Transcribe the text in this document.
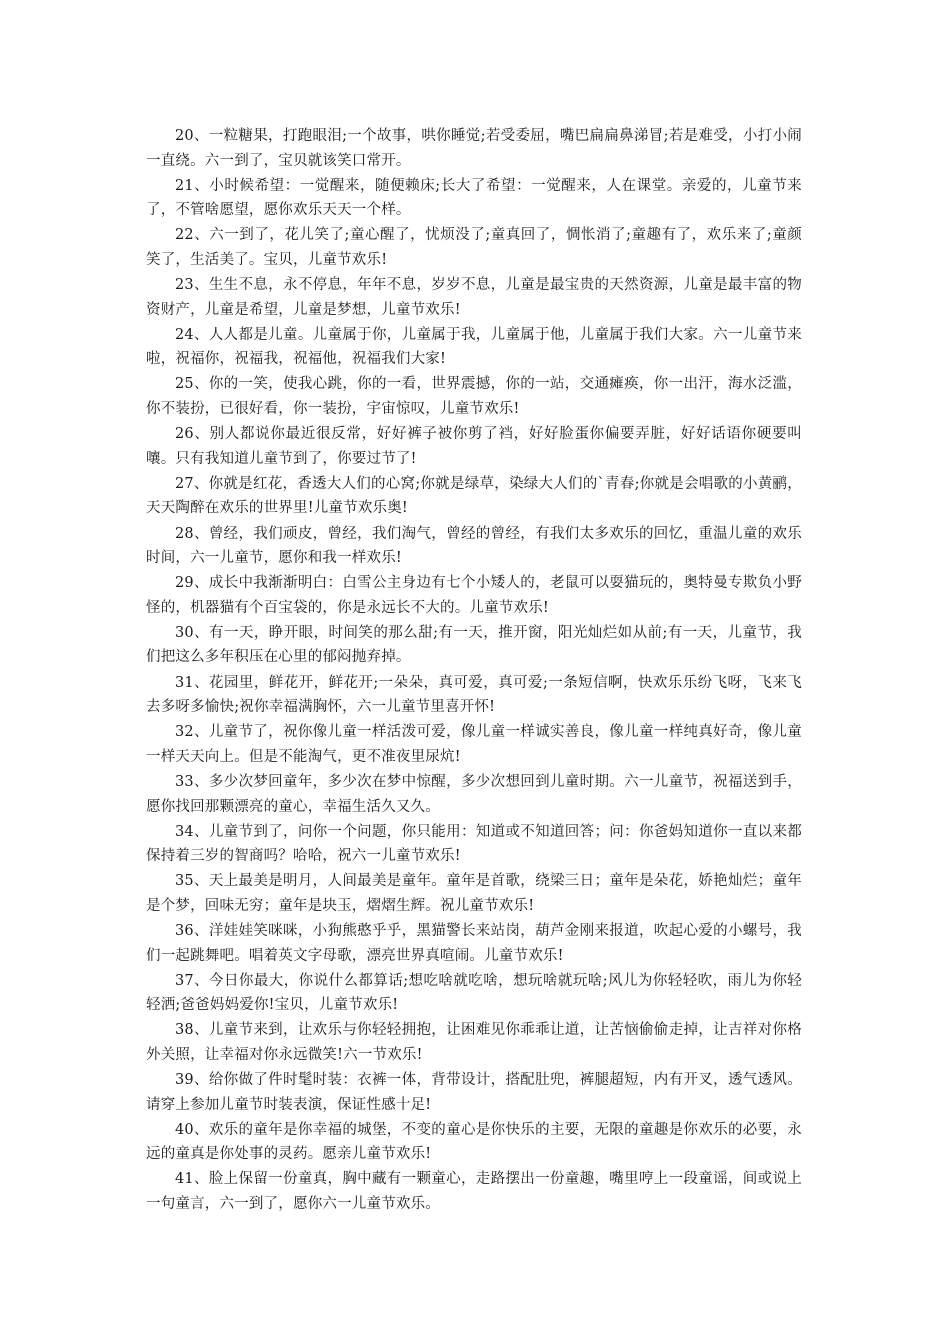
20、一粒糖果，打跑眼泪;一个故事，哄你睡觉;若受委屈，嘴巴扁扁鼻涕冒;若是难受，小打小闹一直绕。六一到了，宝贝就该笑口常开。

21、小时候希望：一觉醒来，随便赖床;长大了希望：一觉醒来，人在课堂。亲爱的，儿童节来了，不管啥愿望，愿你欢乐天天一个样。

22、六一到了，花儿笑了;童心醒了，忧烦没了;童真回了，惆怅消了;童趣有了，欢乐来了;童颜笑了，生活美了。宝贝，儿童节欢乐!

23、生生不息，永不停息，年年不息，岁岁不息，儿童是最宝贵的天然资源，儿童是最丰富的物资财产，儿童是希望，儿童是梦想，儿童节欢乐!

24、人人都是儿童。儿童属于你，儿童属于我，儿童属于他，儿童属于我们大家。六一儿童节来啦，祝福你，祝福我，祝福他，祝福我们大家!

25、你的一笑，使我心跳，你的一看，世界震撼，你的一站，交通瘫痪，你一出汗，海水泛滥，你不装扮，已很好看，你一装扮，宇宙惊叹，儿童节欢乐!

26、别人都说你最近很反常，好好裤子被你剪了裆，好好脸蛋你偏要弄脏，好好话语你硬要叫嚷。只有我知道儿童节到了，你要过节了!

27、你就是红花，香透大人们的心窝;你就是绿草，染绿大人们的`青春;你就是会唱歌的小黄鹂，天天陶醉在欢乐的世界里!儿童节欢乐奥!

28、曾经，我们顽皮，曾经，我们淘气，曾经的曾经，有我们太多欢乐的回忆，重温儿童的欢乐时间，六一儿童节，愿你和我一样欢乐!

29、成长中我渐渐明白：白雪公主身边有七个小矮人的，老鼠可以耍猫玩的，奥特曼专欺负小野怪的，机器猫有个百宝袋的，你是永远长不大的。儿童节欢乐!

30、有一天，睁开眼，时间笑的那么甜;有一天，推开窗，阳光灿烂如从前;有一天，儿童节，我们把这么多年积压在心里的郁闷抛弃掉。

31、花园里，鲜花开，鲜花开;一朵朵，真可爱，真可爱;一条短信啊，快欢乐乐纷飞呀，飞来飞去多呀多愉快;祝你幸福满胸怀，六一儿童节里喜开怀!

32、儿童节了，祝你像儿童一样活泼可爱，像儿童一样诚实善良，像儿童一样纯真好奇，像儿童一样天天向上。但是不能淘气，更不准夜里尿炕!

33、多少次梦回童年，多少次在梦中惊醒，多少次想回到儿童时期。六一儿童节，祝福送到手，愿你找回那颗漂亮的童心，幸福生活久又久。

34、儿童节到了，问你一个问题，你只能用：知道或不知道回答；问：你爸妈知道你一直以来都保持着三岁的智商吗？哈哈，祝六一儿童节欢乐!

35、天上最美是明月，人间最美是童年。童年是首歌，绕梁三日；童年是朵花，娇艳灿烂；童年是个梦，回味无穷；童年是块玉，熠熠生辉。祝儿童节欢乐!

36、洋娃娃笑咪咪，小狗熊憨乎乎，黑猫警长来站岗，葫芦金刚来报道，吹起心爱的小螺号，我们一起跳舞吧。唱着英文字母歌，漂亮世界真喧闹。儿童节欢乐!

37、今日你最大，你说什么都算话;想吃啥就吃啥，想玩啥就玩啥;风儿为你轻轻吹，雨儿为你轻轻洒;爸爸妈妈爱你!宝贝，儿童节欢乐!

38、儿童节来到，让欢乐与你轻轻拥抱，让困难见你乖乖让道，让苦恼偷偷走掉，让吉祥对你格外关照，让幸福对你永远微笑!六一节欢乐!

39、给你做了件时髦时装：衣裤一体，背带设计，搭配肚兜，裤腿超短，内有开叉，透气透风。请穿上参加儿童节时装表演，保证性感十足!

40、欢乐的童年是你幸福的城堡，不变的童心是你快乐的主要，无限的童趣是你欢乐的必要，永远的童真是你处事的灵药。愿亲儿童节欢乐!

41、脸上保留一份童真，胸中藏有一颗童心，走路摆出一份童趣，嘴里哼上一段童谣，间或说上一句童言，六一到了，愿你六一儿童节欢乐。
